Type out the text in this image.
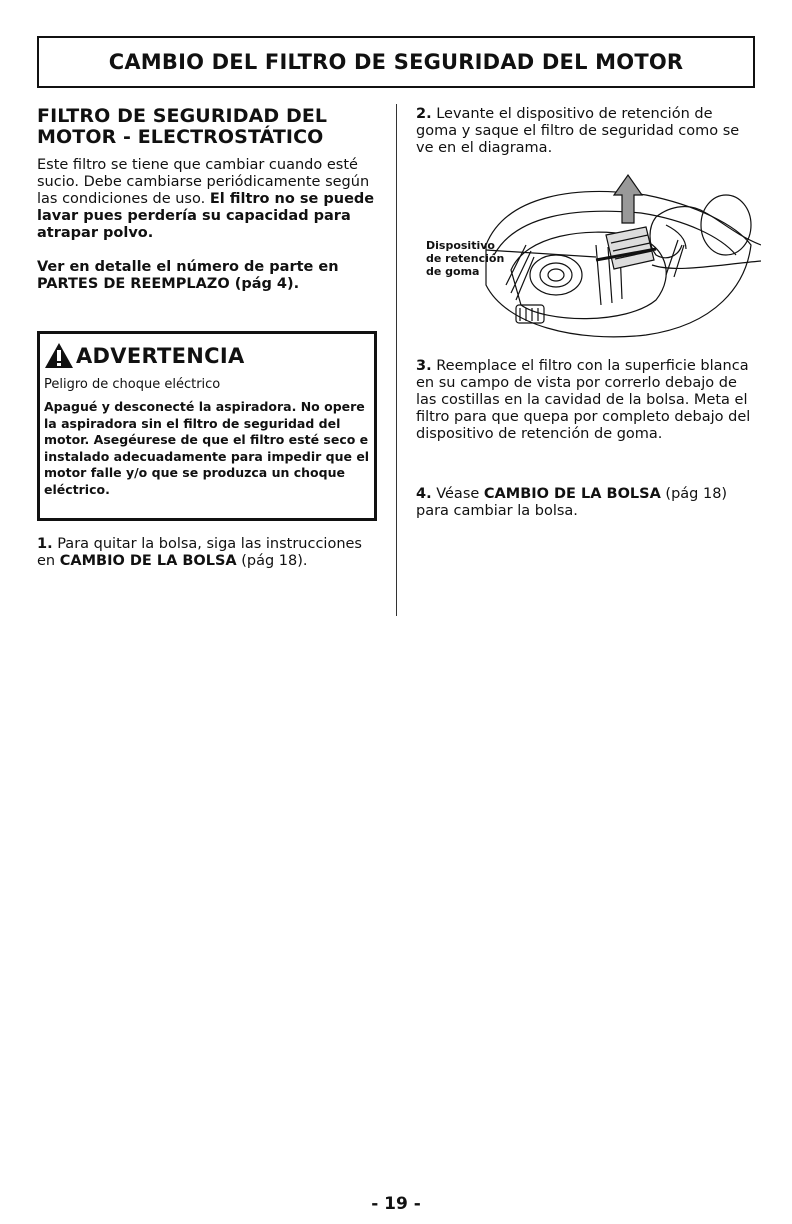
CAMBIO DEL FILTRO DE SEGURIDAD DEL MOTOR
FILTRO DE SEGURIDAD DEL
MOTOR - ELECTROSTÁTICO

Este filtro se tiene que cambiar cuando esté sucio. Debe cambiarse periódicamente según las condiciones de uso. El filtro no se puede lavar pues perdería su capacidad para atrapar polvo.

Ver en detalle el número de parte en PARTES DE REEMPLAZO (pág 4).

ADVERTENCIA
Peligro de choque eléctrico
Apagué y desconecté la aspiradora. No opere la aspiradora sin el filtro de seguridad del motor. Asegéurese de que el filtro esté seco e instalado adecuadamente para impedir que el motor falle y/o que se produzca un choque eléctrico.

1. Para quitar la bolsa, siga las instrucciones en CAMBIO DE LA BOLSA (pág 18).

2. Levante el dispositivo de retención de goma y saque el filtro de seguridad como se ve en el diagrama.

Dispositivo
de retención
de goma

3. Reemplace el filtro con la superficie blanca en su campo de vista por correrlo debajo de las costillas en la cavidad de la bolsa. Meta el filtro para que quepa por completo debajo del dispositivo de retención de goma.

4. Véase CAMBIO DE LA BOLSA (pág 18) para cambiar la bolsa.

- 19 -
